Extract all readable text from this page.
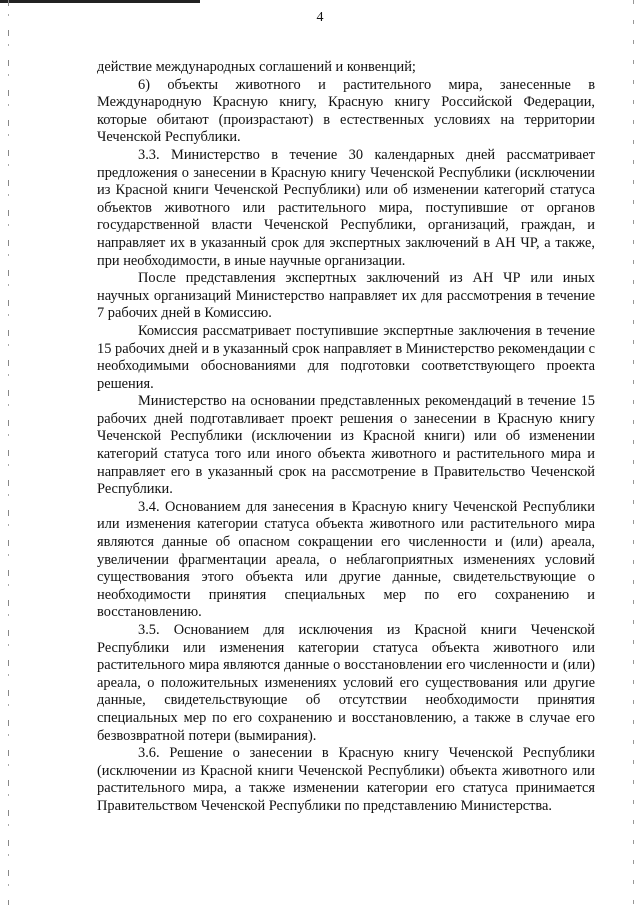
4

действие международных соглашений и конвенций;

6) объекты животного и растительного мира, занесенные в Международную Красную книгу, Красную книгу Российской Федерации, которые обитают (произрастают) в естественных условиях на территории Чеченской Республики.

3.3. Министерство в течение 30 календарных дней рассматривает предложения о занесении в Красную книгу Чеченской Республики (исключении из Красной книги Чеченской Республики) или об изменении категорий статуса объектов животного или растительного мира, поступившие от органов государственной власти Чеченской Республики, организаций, граждан, и направляет их в указанный срок для экспертных заключений в АН ЧР, а также, при необходимости, в иные научные организации.

После представления экспертных заключений из АН ЧР или иных научных организаций Министерство направляет их для рассмотрения в течение 7 рабочих дней в Комиссию.

Комиссия рассматривает поступившие экспертные заключения в течение 15 рабочих дней и в указанный срок направляет в Министерство рекомендации с необходимыми обоснованиями для подготовки соответствующего проекта решения.

Министерство на основании представленных рекомендаций в течение 15 рабочих дней подготавливает проект решения о занесении в Красную книгу Чеченской Республики (исключении из Красной книги) или об изменении категорий статуса того или иного объекта животного и растительного мира и направляет его в указанный срок на рассмотрение в Правительство Чеченской Республики.

3.4. Основанием для занесения в Красную книгу Чеченской Республики или изменения категории статуса объекта животного или растительного мира являются данные об опасном сокращении его численности и (или) ареала, увеличении фрагментации ареала, о неблагоприятных изменениях условий существования этого объекта или другие данные, свидетельствующие о необходимости принятия специальных мер по его сохранению и восстановлению.

3.5. Основанием для исключения из Красной книги Чеченской Республики или изменения категории статуса объекта животного или растительного мира являются данные о восстановлении его численности и (или) ареала, о положительных изменениях условий его существования или другие данные, свидетельствующие об отсутствии необходимости принятия специальных мер по его сохранению и восстановлению, а также в случае его безвозвратной потери (вымирания).

3.6. Решение о занесении в Красную книгу Чеченской Республики (исключении из Красной книги Чеченской Республики) объекта животного или растительного мира, а также изменении категории его статуса принимается Правительством Чеченской Республики по представлению Министерства.
